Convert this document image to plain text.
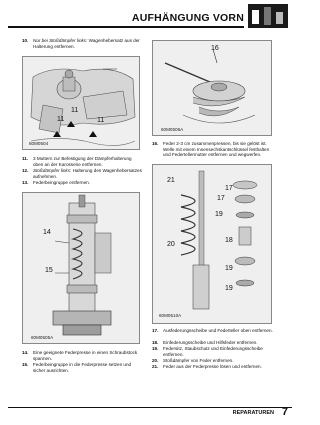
AUFHÄNGUNG VORN
10. Nur bei Stoßdämpfer links: Wagenhebersatz aus der Halterung entfernen.
11
11	11
60M0504
11. 3 Muttern zur Befestigung der Dämpferhalterung oben an der Karosserie entfernen.
12. Stoßdämpfer links: Halterung des Wagenhebersatzes aufnehmen.
13. Federbeingruppe entfernen.
14
15
60M0505A
14. Eine geeignete Federpresse in einen Schraubstock spannen.
15. Federbeingruppe in die Federpresse setzen und sicher ausrichten.
16
60M0506A
16. Feder 2-3 cm zusammenpressen, bis sie gelöst ist. Welle mit einem Innensechskantschlüssel festhalten und Federtellermutter entfernen und wegwerfen.
21
17
17
19
20
18
19
19
60M0510A
17. Ausfederungsscheibe und Federteller oben entfernen.
18. Einfederungsscheibe und Hilfsfeder entfernen.
19. Federsitz, Staubschutz und Einfederungsscheibe entfernen.
20. Stoßdämpfer von Feder entfernen.
21. Feder aus der Federpresse lösen und entfernen.
REPARATUREN 7
